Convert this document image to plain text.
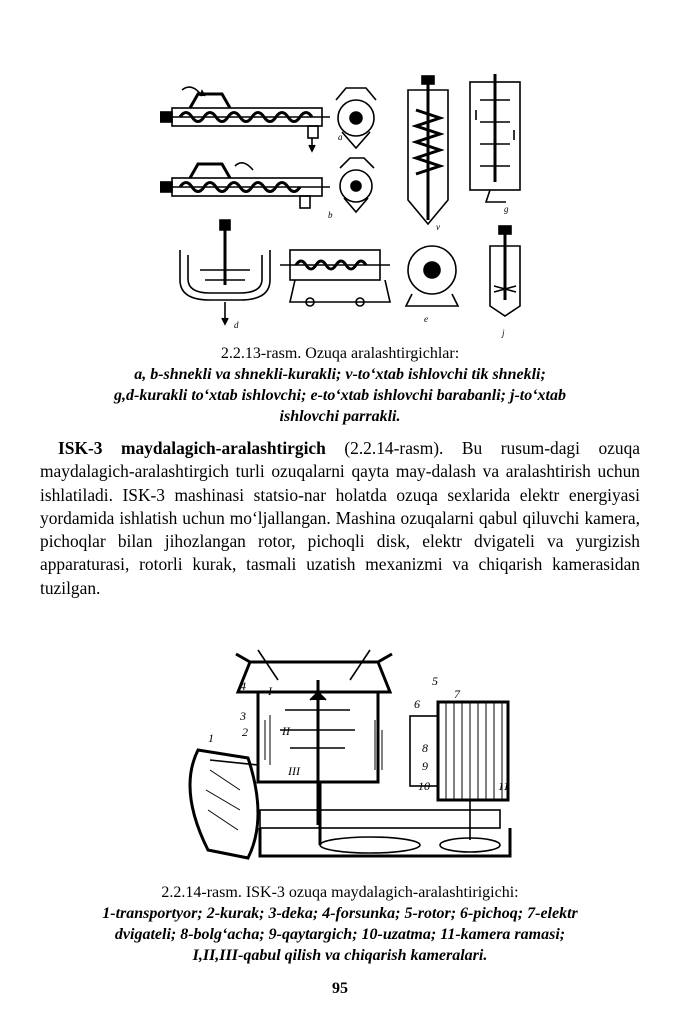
a
b
v
g
d
e
j
2.2.13-rasm. Ozuqa aralashtirgichlar:
a, b-shnekli va shnekli-kurakli; v-to‘xtab ishlovchi tik shnekli;
g,d-kurakli to‘xtab ishlovchi; e-to‘xtab ishlovchi barabanli; j-to‘xtab
ishlovchi parrakli.
ISK-3 maydalagich-aralashtirgich (2.2.14-rasm). Bu rusum-dagi ozuqa maydalagich-aralashtirgich turli ozuqalarni qayta may-dalash va aralashtirish uchun ishlatiladi. ISK-3 mashinasi statsio-nar holatda ozuqa sexlarida elektr energiyasi yordamida ishlatish uchun mo‘ljallangan. Mashina ozuqalarni qabul qiluvchi kamera, pichoqlar bilan jihozlangan rotor, pichoqli disk, elektr dvigateli va yurgizish apparaturasi, rotorli kurak, tasmali uzatish mexanizmi va chiqarish kamerasidan tuzilgan.
I
II
III
1 2
3
4	5
6
7
8
9
10	11
2.2.14-rasm. ISK-3 ozuqa maydalagich-aralashtirigichi:
1-transportyor; 2-kurak; 3-deka; 4-forsunka; 5-rotor; 6-pichoq; 7-elektr
dvigateli; 8-bolg‘acha; 9-qaytargich; 10-uzatma; 11-kamera ramasi;
I,II,III-qabul qilish va chiqarish kameralari.
95
